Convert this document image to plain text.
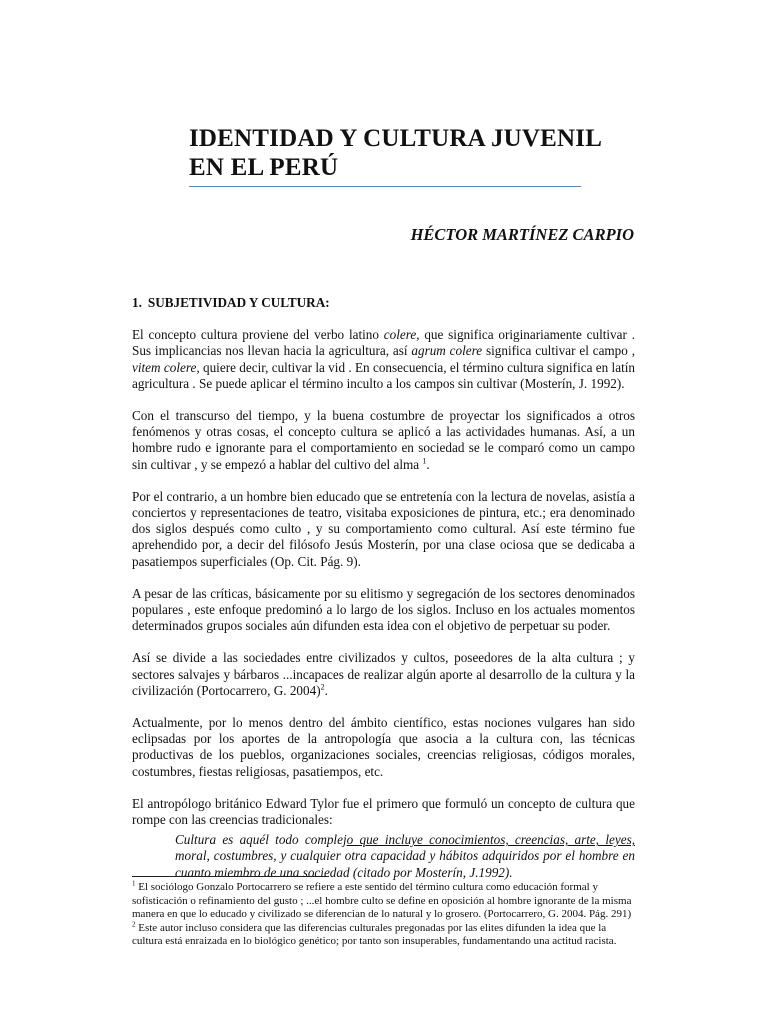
IDENTIDAD Y CULTURA JUVENIL
EN EL PERÚ

HÉCTOR MARTÍNEZ CARPIO

1. SUBJETIVIDAD Y CULTURA:

El concepto cultura proviene del verbo latino colere, que significa originariamente cultivar . Sus implicancias nos llevan hacia la agricultura, así agrum colere significa cultivar el campo , vitem colere, quiere decir, cultivar la vid . En consecuencia, el término cultura significa en latín agricultura . Se puede aplicar el término inculto a los campos sin cultivar (Mosterín, J. 1992).

Con el transcurso del tiempo, y la buena costumbre de proyectar los significados a otros fenómenos y otras cosas, el concepto cultura se aplicó a las actividades humanas. Así, a un hombre rudo e ignorante para el comportamiento en sociedad se le comparó como un campo sin cultivar , y se empezó a hablar del cultivo del alma $^1$.

Por el contrario, a un hombre bien educado que se entretenía con la lectura de novelas, asistía a conciertos y representaciones de teatro, visitaba exposiciones de pintura, etc.; era denominado dos siglos después como culto , y su comportamiento como cultural. Así este término fue aprehendido por, a decir del filósofo Jesús Mosterín, por una clase ociosa que se dedicaba a pasatiempos superficiales (Op. Cit. Pág. 9).

A pesar de las críticas, básicamente por su elitismo y segregación de los sectores denominados populares , este enfoque predominó a lo largo de los siglos. Incluso en los actuales momentos determinados grupos sociales aún difunden esta idea con el objetivo de perpetuar su poder.

Así se divide a las sociedades entre civilizados y cultos, poseedores de la alta cultura ; y sectores salvajes y bárbaros ...incapaces de realizar algún aporte al desarrollo de la cultura y la civilización (Portocarrero, G. 2004)$^2$.

Actualmente, por lo menos dentro del ámbito científico, estas nociones vulgares han sido eclipsadas por los aportes de la antropología que asocia a la cultura con, las técnicas productivas de los pueblos, organizaciones sociales, creencias religiosas, códigos morales, costumbres, fiestas religiosas, pasatiempos, etc.

El antropólogo británico Edward Tylor fue el primero que formuló un concepto de cultura que rompe con las creencias tradicionales:

Cultura es aquél todo complejo que incluye conocimientos, creencias, arte, leyes, moral, costumbres, y cualquier otra capacidad y hábitos adquiridos por el hombre en cuanto miembro de una sociedad (citado por Mosterín, J.1992).

$^1$ El sociólogo Gonzalo Portocarrero se refiere a este sentido del término cultura como educación formal y sofisticación o refinamiento del gusto ; ...el hombre culto se define en oposición al hombre ignorante de la misma manera en que lo educado y civilizado se diferencian de lo natural y lo grosero. (Portocarrero, G. 2004. Pág. 291)

$^2$ Este autor incluso considera que las diferencias culturales pregonadas por las elites difunden la idea que la cultura está enraizada en lo biológico genético; por tanto son insuperables, fundamentando una actitud racista.
